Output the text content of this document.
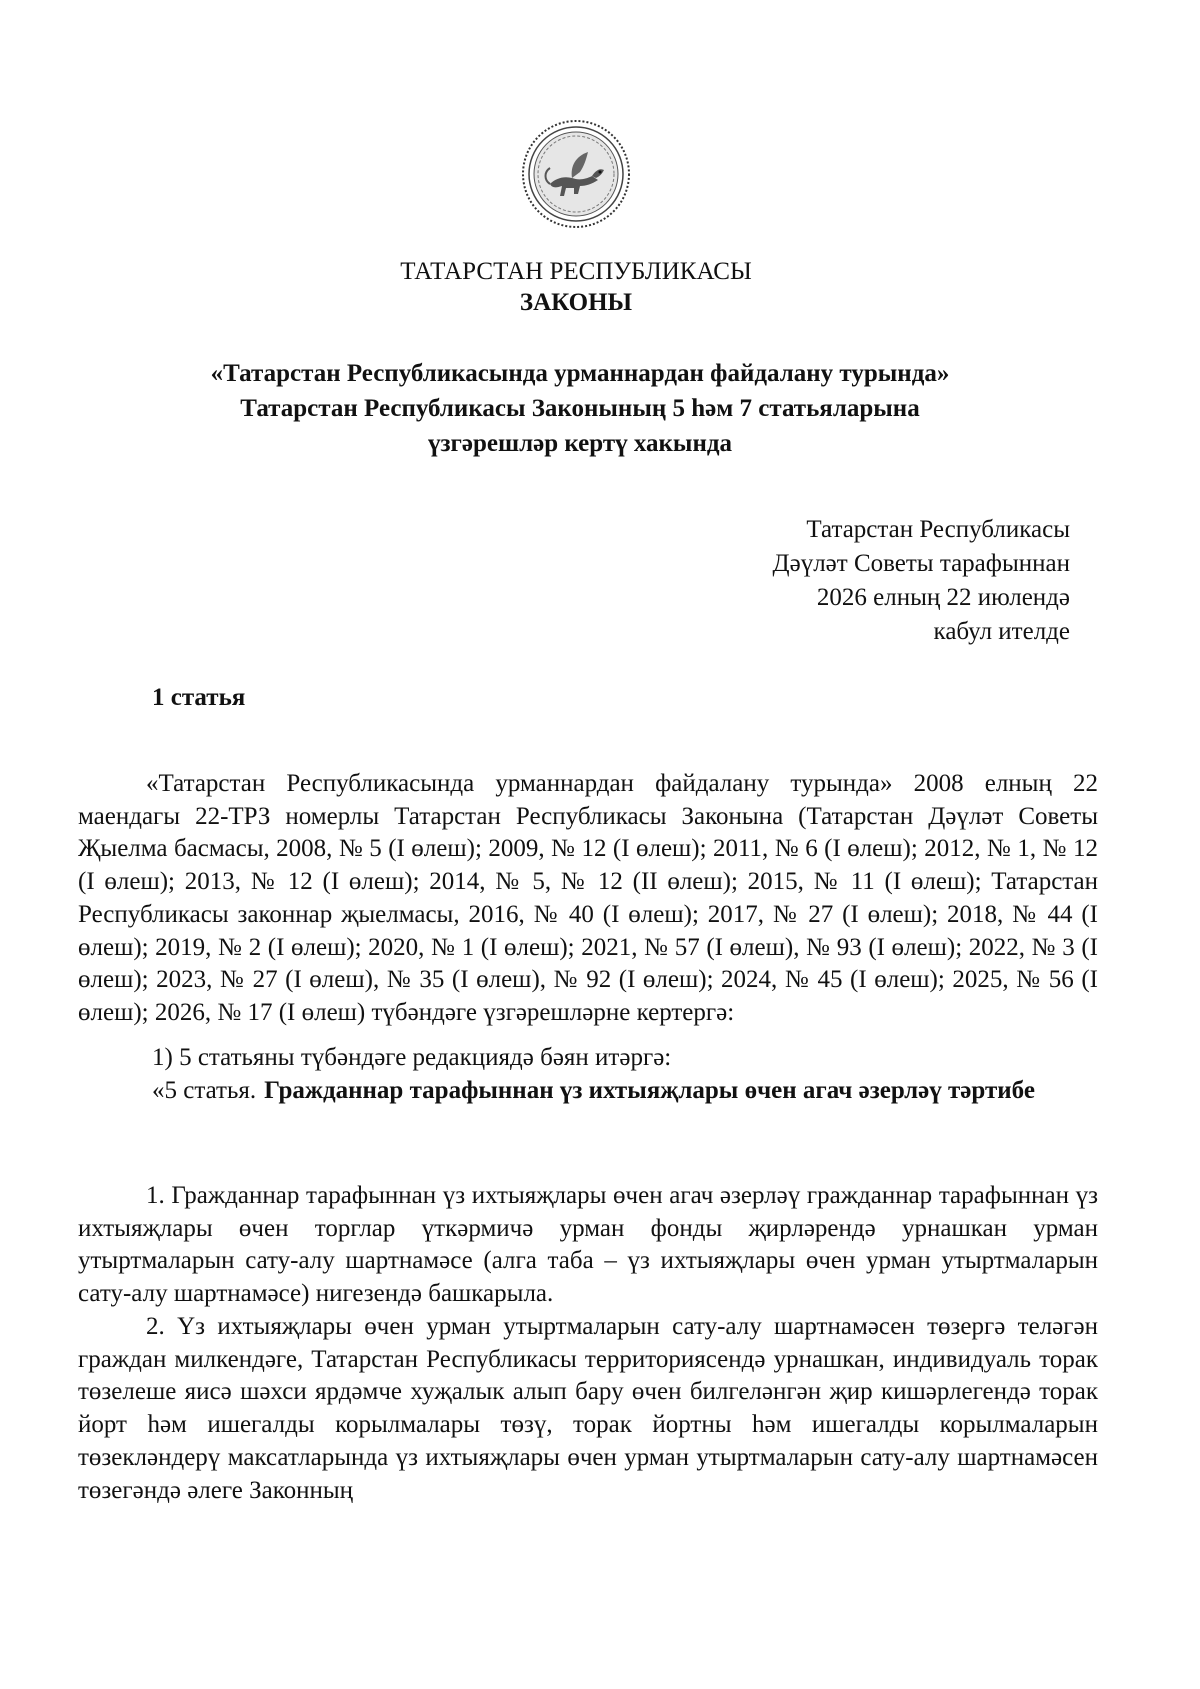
ТАТАРСТАН РЕСПУБЛИКАСЫ
ЗАКОНЫ
«Татарстан Республикасында урманнардан файдалану турында»
Татарстан Республикасы Законының 5 һәм 7 статьяларына
үзгәрешләр кертү хакында
Татарстан Республикасы
Дәүләт Советы тарафыннан
2026 елның 22 июлендә
кабул ителде
1 статья
«Татарстан Республикасында урманнардан файдалану турында» 2008 елның 22 маендагы 22-ТРЗ номерлы Татарстан Республикасы Законына (Татарстан Дәүләт Советы Җыелма басмасы, 2008, № 5 (I өлеш); 2009, № 12 (I өлеш); 2011, № 6 (I өлеш); 2012, № 1, № 12 (I өлеш); 2013, № 12 (I өлеш); 2014, № 5, № 12 (II өлеш); 2015, № 11 (I өлеш); Татарстан Республикасы законнар җыелмасы, 2016, № 40 (I өлеш); 2017, № 27 (I өлеш); 2018, № 44 (I өлеш); 2019, № 2 (I өлеш); 2020, № 1 (I өлеш); 2021, № 57 (I өлеш), № 93 (I өлеш); 2022, № 3 (I өлеш); 2023, № 27 (I өлеш), № 35 (I өлеш), № 92 (I өлеш); 2024, № 45 (I өлеш); 2025, № 56 (I өлеш); 2026, № 17 (I өлеш) түбәндәге үзгәрешләрне кертергә:
1) 5 статьяны түбәндәге редакциядә бәян итәргә:
«5 статья. Гражданнар тарафыннан үз ихтыяҗлары өчен агач әзерләү тәртибе
1. Гражданнар тарафыннан үз ихтыяҗлары өчен агач әзерләү гражданнар тарафыннан үз ихтыяҗлары өчен торглар үткәрмичә урман фонды җирләрендә урнашкан урман утыртмаларын сату-алу шартнамәсе (алга таба – үз ихтыяҗлары өчен урман утыртмаларын сату-алу шартнамәсе) нигезендә башкарыла.
2. Үз ихтыяҗлары өчен урман утыртмаларын сату-алу шартнамәсен төзергә теләгән граждан милкендәге, Татарстан Республикасы территориясендә урнашкан, индивидуаль торак төзелеше яисә шәхси ярдәмче хуҗалык алып бару өчен билгеләнгән җир кишәрлегендә торак йорт һәм ишегалды корылмалары төзү, торак йортны һәм ишегалды корылмаларын төзекләндерү максатларында үз ихтыяҗлары өчен урман утыртмаларын сату-алу шартнамәсен төзегәндә әлеге Законның
